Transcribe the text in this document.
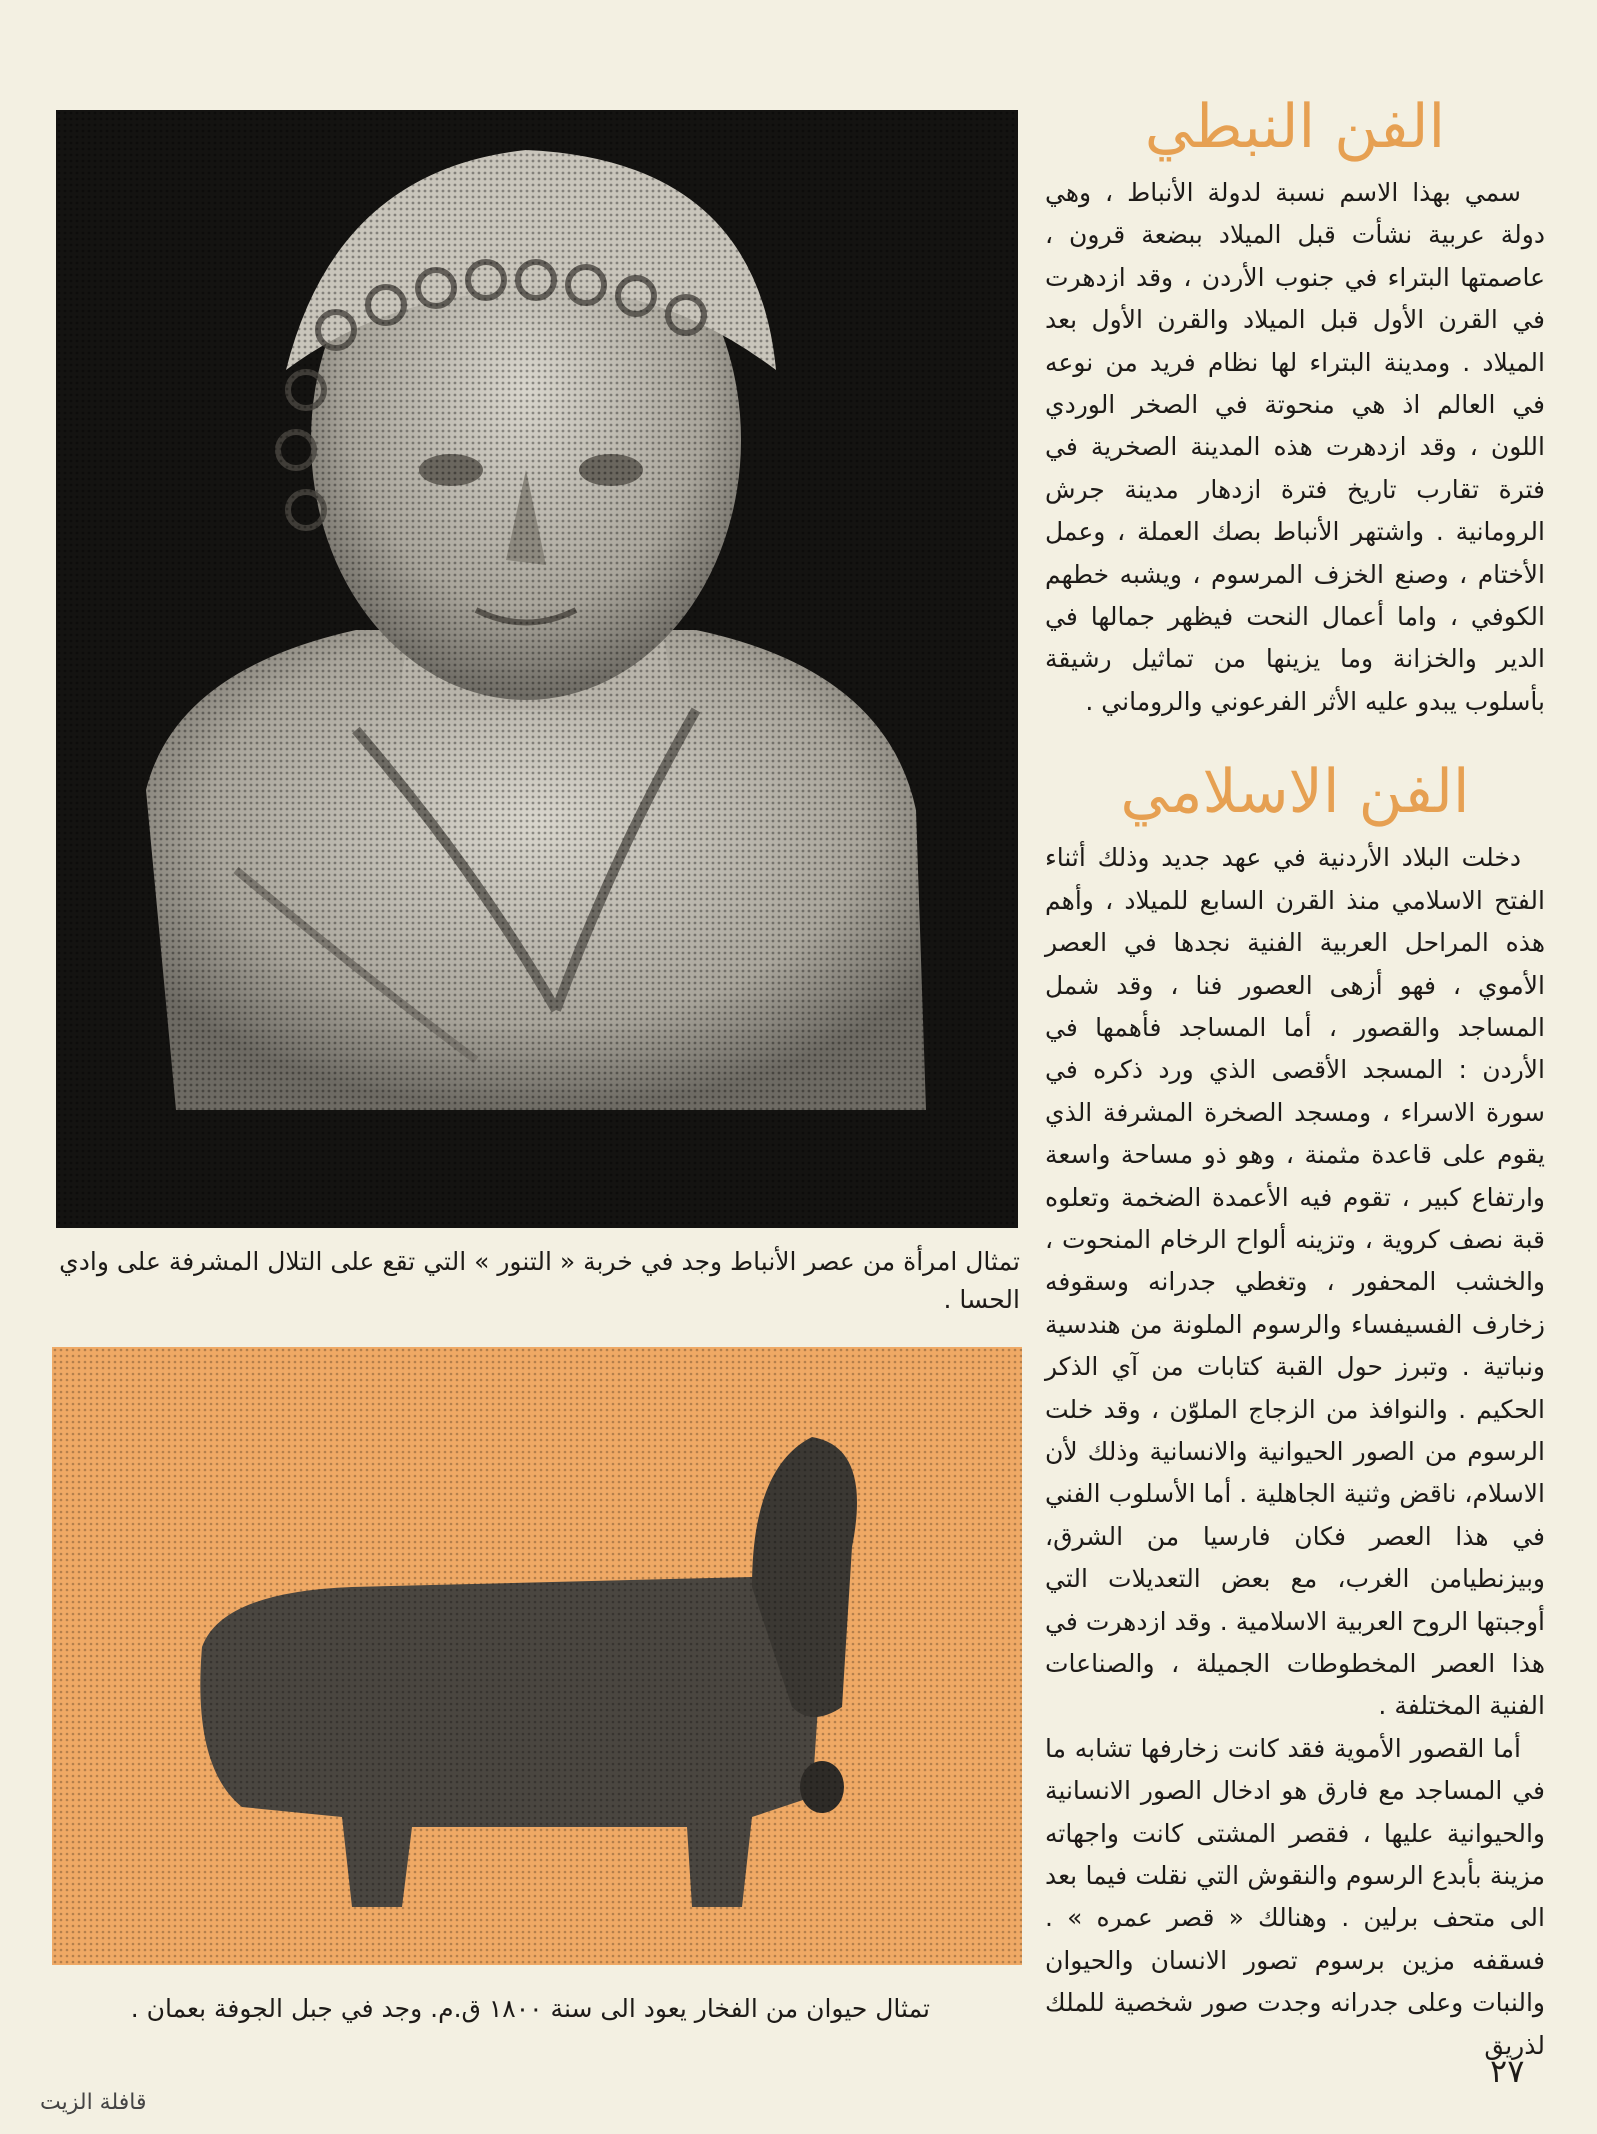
تمثال امرأة من عصر الأنباط وجد في خربة « التنور » التي تقع على التلال المشرفة على وادي الحسا .
تمثال حيوان من الفخار يعود الى سنة ١٨٠٠ ق.م. وجد في جبل الجوفة بعمان .
الفن النبطي

سمي بهذا الاسم نسبة لدولة الأنباط ، وهي دولة عربية نشأت قبل الميلاد ببضعة قرون ، عاصمتها البتراء في جنوب الأردن ، وقد ازدهرت في القرن الأول قبل الميلاد والقرن الأول بعد الميلاد . ومدينة البتراء لها نظام فريد من نوعه في العالم اذ هي منحوتة في الصخر الوردي اللون ، وقد ازدهرت هذه المدينة الصخرية في فترة تقارب تاريخ فترة ازدهار مدينة جرش الرومانية . واشتهر الأنباط بصك العملة ، وعمل الأختام ، وصنع الخزف المرسوم ، ويشبه خطهم الكوفي ، واما أعمال النحت فيظهر جمالها في الدير والخزانة وما يزينها من تماثيل رشيقة بأسلوب يبدو عليه الأثر الفرعوني والروماني .

الفن الاسلامي

دخلت البلاد الأردنية في عهد جديد وذلك أثناء الفتح الاسلامي منذ القرن السابع للميلاد ، وأهم هذه المراحل العربية الفنية نجدها في العصر الأموي ، فهو أزهى العصور فنا ، وقد شمل المساجد والقصور ، أما المساجد فأهمها في الأردن : المسجد الأقصى الذي ورد ذكره في سورة الاسراء ، ومسجد الصخرة المشرفة الذي يقوم على قاعدة مثمنة ، وهو ذو مساحة واسعة وارتفاع كبير ، تقوم فيه الأعمدة الضخمة وتعلوه قبة نصف كروية ، وتزينه ألواح الرخام المنحوت ، والخشب المحفور ، وتغطي جدرانه وسقوفه زخارف الفسيفساء والرسوم الملونة من هندسية ونباتية . وتبرز حول القبة كتابات من آي الذكر الحكيم . والنوافذ من الزجاج الملوّن ، وقد خلت الرسوم من الصور الحيوانية والانسانية وذلك لأن الاسلام، ناقض وثنية الجاهلية . أما الأسلوب الفني في هذا العصر فكان فارسيا من الشرق، وبيزنطيامن الغرب، مع بعض التعديلات التي أوجبتها الروح العربية الاسلامية . وقد ازدهرت في هذا العصر المخطوطات الجميلة ، والصناعات الفنية المختلفة .

أما القصور الأموية فقد كانت زخارفها تشابه ما في المساجد مع فارق هو ادخال الصور الانسانية والحيوانية عليها ، فقصر المشتى كانت واجهاته مزينة بأبدع الرسوم والنقوش التي نقلت فيما بعد الى متحف برلين . وهنالك « قصر عمره » . فسقفه مزين برسوم تصور الانسان والحيوان والنبات وعلى جدرانه وجدت صور شخصية للملك لذريق

٢٧
قافلة الزيت
